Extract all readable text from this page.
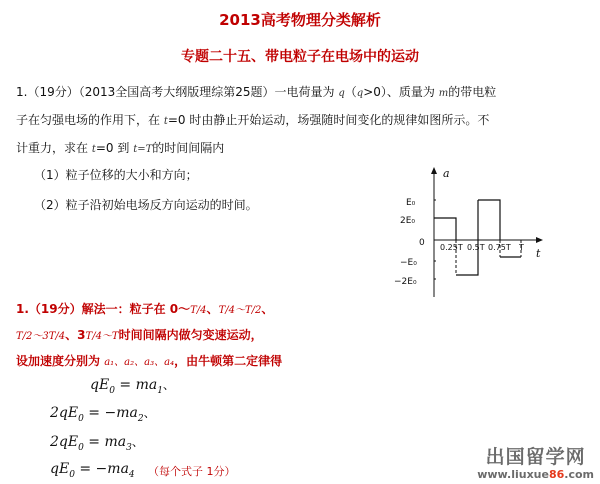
2013高考物理分类解析
专题二十五、带电粒子在电场中的运动
1.（19分）（2013全国高考大纲版理综第25题）一电荷量为 q（q>0）、质量为 m的带电粒
子在匀强电场的作用下，在 t=0 时由静止开始运动，场强随时间变化的规律如图所示。不
计重力，求在 t=0 到 t=T的时间间隔内
（1）粒子位移的大小和方向；
（2）粒子沿初始电场反方向运动的时间。
a
t
0
E₀
2E₀
−E₀
−2E₀
0.25T 0.5T 0.75T T
1.（19分）解法一：粒子在 0～T/4、T/4～T/2、
T/2～3T/4、3T/4～T时间间隔内做匀变速运动，
设加速度分别为 a₁、a₂、a₃、a₄，由牛顿第二定律得
$qE_0 = ma_1$、
$2qE_0 = -ma_2$、
$2qE_0 = ma_3$、
$qE_0 = -ma_4$ （每个式子 1分）
出国留学网
www.liuxue86.com
